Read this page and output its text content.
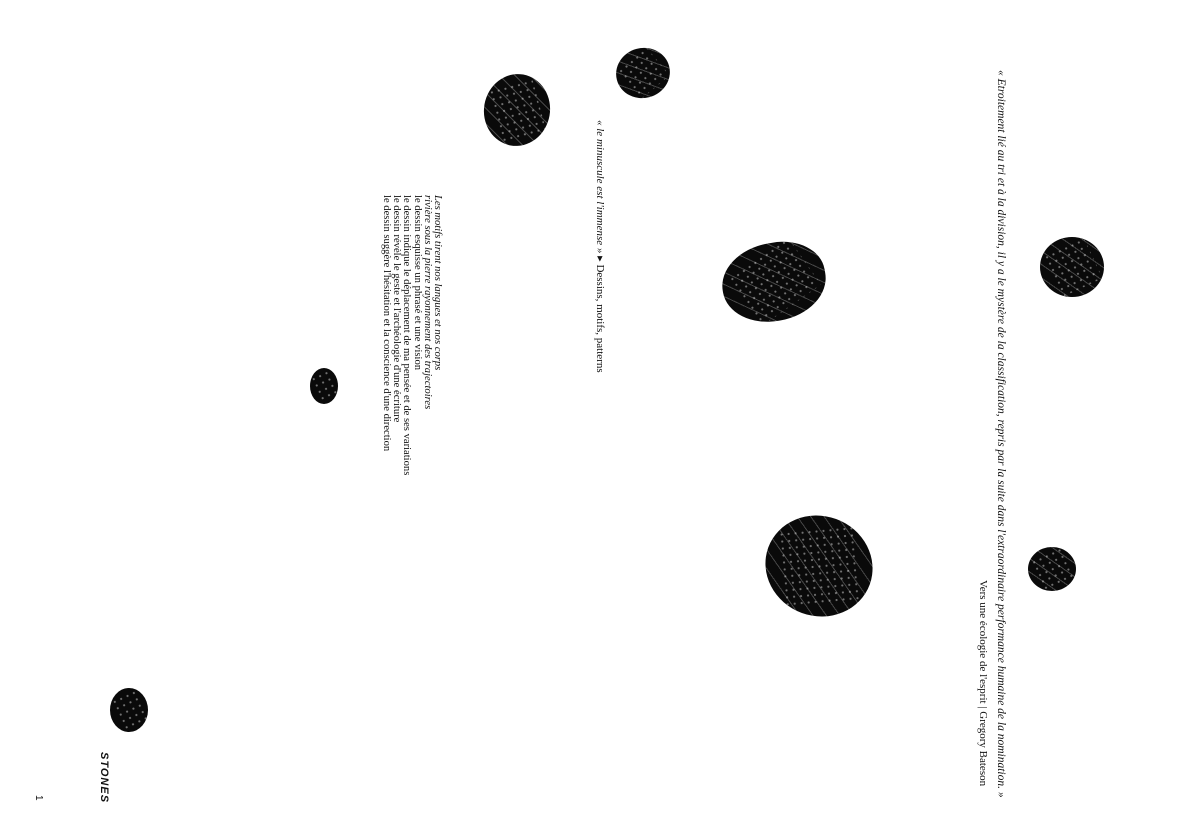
« Etroitement lié au tri et à la division, il y a le mystère de la classification, repris par la suite dans l'extraordinaire performance humaine de la nomination. »
Vers une écologie de l'esprit | Gregory Bateson
« le minuscule est l'immense » ▸ Dessins, motifs, patterns
Les motifs tirent nos langues et nos corps
rivière sous la pierre rayonnement des trajectoires
le dessin esquisse un phrasé et une vision
le dessin indique le déplacement de ma pensée et de ses variations
le dessin révèle le geste et l'archéologie d'une écriture
le dessin suggère l'hésitation et la conscience d'une direction
STONES
1
